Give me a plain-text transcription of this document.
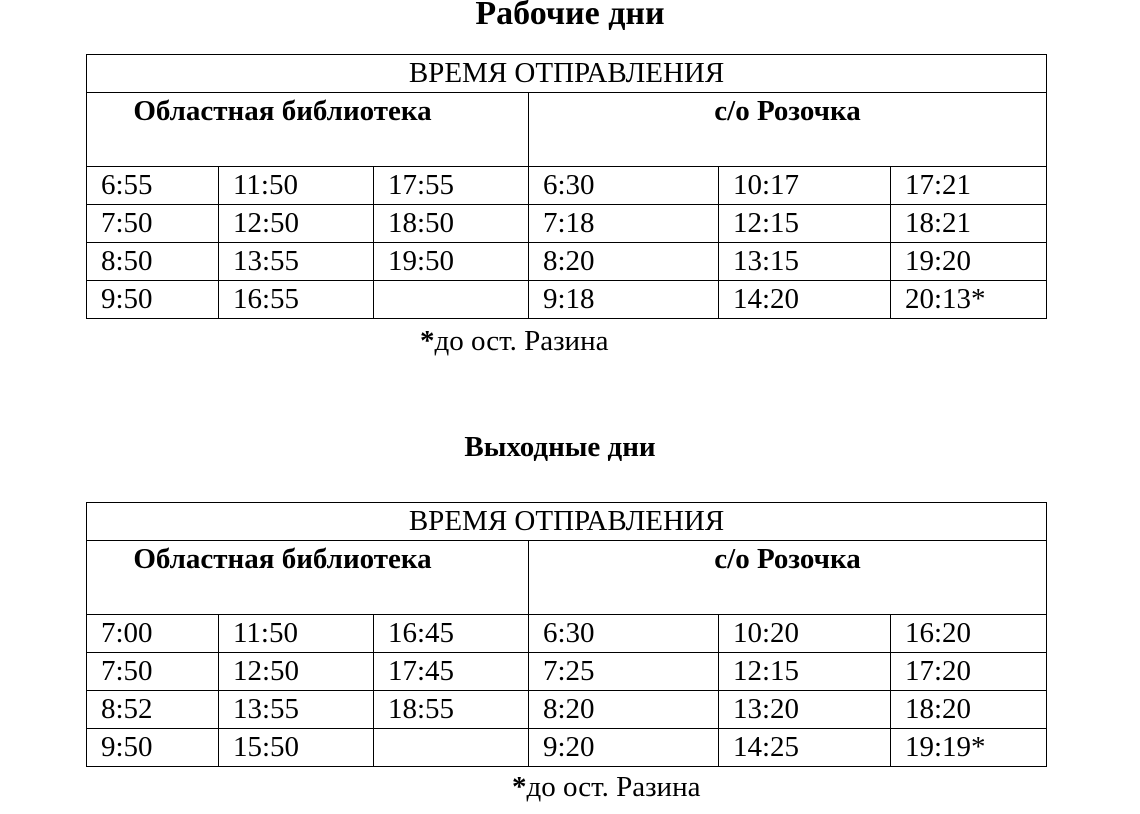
Рабочие дни
ВРЕМЯ ОТПРАВЛЕНИЯ					
Областная библиотека			с/о Розочка		
6:55	11:50	17:55	6:30	10:17	17:21
7:50	12:50	18:50	7:18	12:15	18:21
8:50	13:55	19:50	8:20	13:15	19:20
9:50	16:55		9:18	14:20	20:13*
*до ост. Разина
Выходные дни
ВРЕМЯ ОТПРАВЛЕНИЯ					
Областная библиотека			с/о Розочка		
7:00	11:50	16:45	6:30	10:20	16:20
7:50	12:50	17:45	7:25	12:15	17:20
8:52	13:55	18:55	8:20	13:20	18:20
9:50	15:50		9:20	14:25	19:19*
*до ост. Разина
